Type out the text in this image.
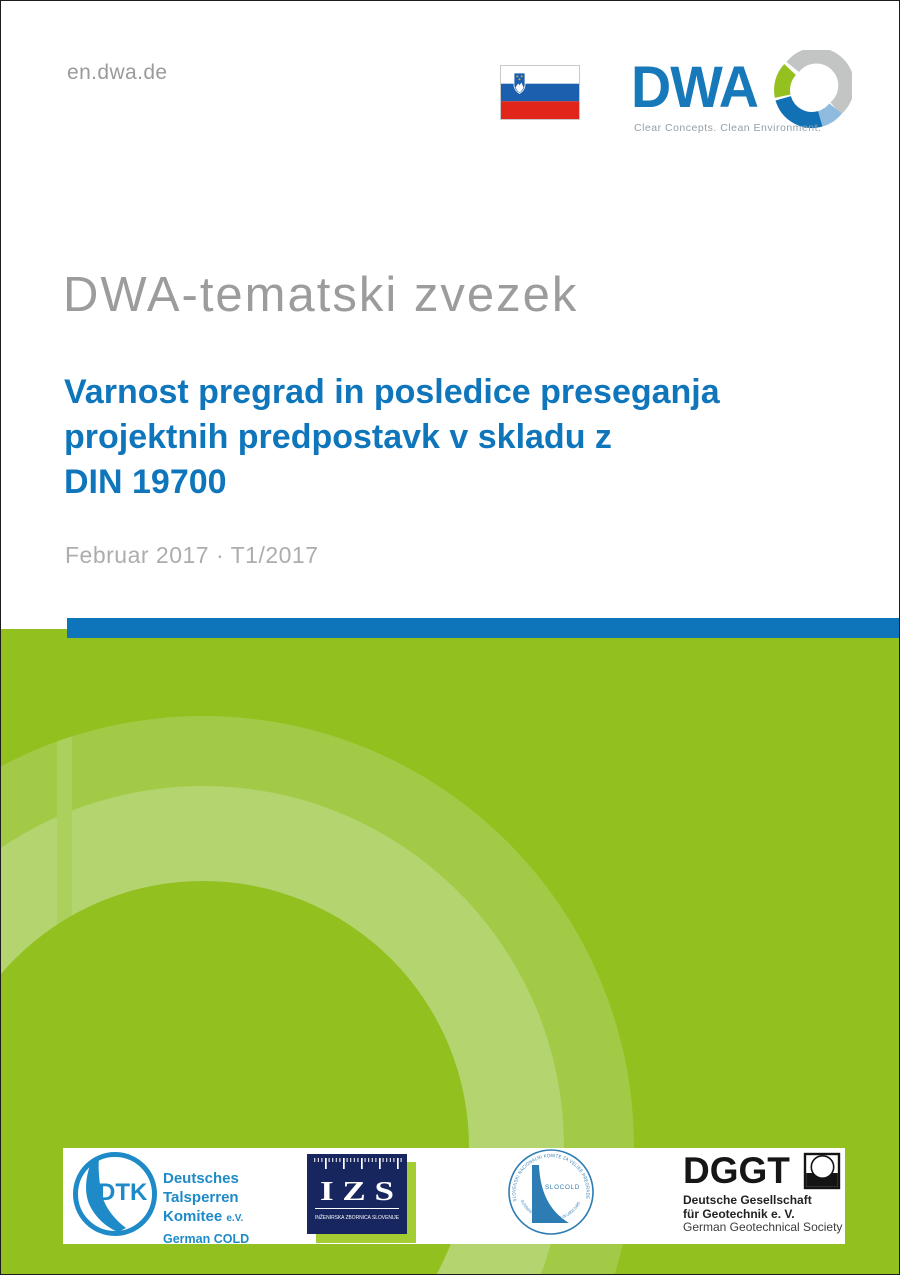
en.dwa.de	DWA
Clear Concepts. Clean Environment.
DWA-tematski zvezek
Varnost pregrad in posledice preseganja
projektnih predpostavk v skladu z
DIN 19700
Februar 2017 · T1/2017
DTK
Deutsches
Talsperren
Komitee e.V.
German COLD
I Z S
INŽENIRSKA ZBORNICA SLOVENIJE
SLOVENSKI NACIONALNI KOMITE ZA VELIKE PREGRADE
· SLOVENIAN NATIONAL COMMITTEE ON LARGE DAMS ·
SLOCOLD	DGGT
Deutsche Gesellschaft
für Geotechnik e. V.
German Geotechnical Society
